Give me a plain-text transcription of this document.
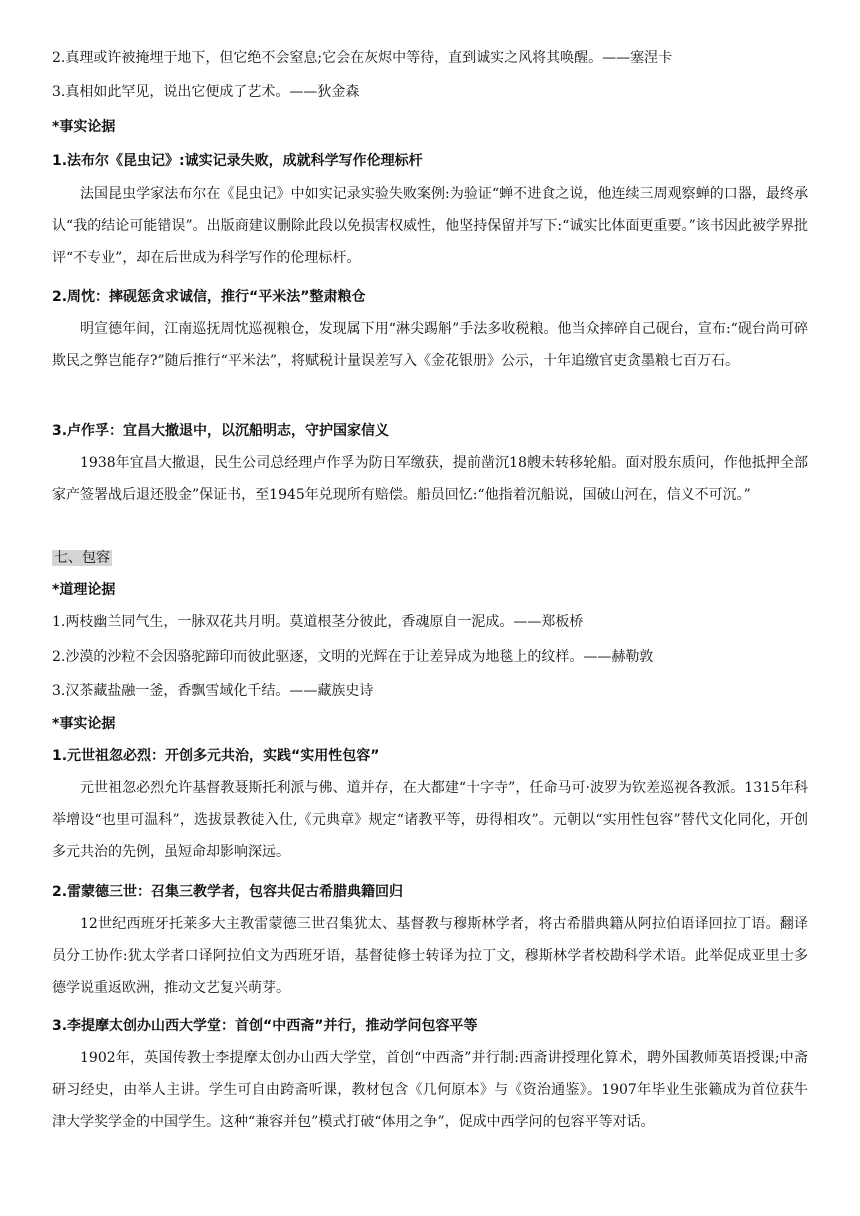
2.真理或许被掩埋于地下，但它绝不会窒息;它会在灰烬中等待，直到诚实之风将其唤醒。——塞涅卡
3.真相如此罕见，说出它便成了艺术。——狄金森
*事实论据
1.法布尔《昆虫记》:诚实记录失败，成就科学写作伦理标杆
法国昆虫学家法布尔在《昆虫记》中如实记录实验失败案例:为验证“蝉不进食之说，他连续三周观察蝉的口器，最终承认“我的结论可能错误”。出版商建议删除此段以免损害权威性，他坚持保留并写下:“诚实比体面更重要。”该书因此被学界批评“不专业”，却在后世成为科学写作的伦理标杆。
2.周忱：摔砚惩贪求诚信，推行“平米法”整肃粮仓
明宣德年间，江南巡抚周忱巡视粮仓，发现属下用“淋尖踢斛”手法多收税粮。他当众摔碎自己砚台，宣布:“砚台尚可碎欺民之弊岂能存?”随后推行“平米法”，将赋税计量误差写入《金花银册》公示，十年追缴官吏贪墨粮七百万石。
3.卢作孚：宜昌大撤退中，以沉船明志，守护国家信义
1938年宜昌大撤退，民生公司总经理卢作孚为防日军缴获，提前凿沉18艘未转移轮船。面对股东质问，作他抵押全部家产签署战后退还股金”保证书，至1945年兑现所有赔偿。船员回忆:“他指着沉船说，国破山河在，信义不可沉。”
七、包容
*道理论据
1.两枝幽兰同气生，一脉双花共月明。莫道根茎分彼此，香魂原自一泥成。——郑板桥
2.沙漠的沙粒不会因骆驼蹄印而彼此驱逐，文明的光辉在于让差异成为地毯上的纹样。——赫勒敦
3.汉茶藏盐融一釜，香飘雪域化千结。——藏族史诗
*事实论据
1.元世祖忽必烈：开创多元共治，实践“实用性包容”
元世祖忽必烈允许基督教聂斯托利派与佛、道并存，在大都建“十字寺”，任命马可·波罗为钦差巡视各教派。1315年科举增设“也里可温科”，选拔景教徒入仕,《元典章》规定“诸教平等，毋得相攻”。元朝以“实用性包容”替代文化同化，开创多元共治的先例，虽短命却影响深远。
2.雷蒙德三世：召集三教学者，包容共促古希腊典籍回归
12世纪西班牙托莱多大主教雷蒙德三世召集犹太、基督教与穆斯林学者，将古希腊典籍从阿拉伯语译回拉丁语。翻译员分工协作:犹太学者口译阿拉伯文为西班牙语，基督徒修士转译为拉丁文，穆斯林学者校勘科学术语。此举促成亚里士多德学说重返欧洲，推动文艺复兴萌芽。
3.李提摩太创办山西大学堂：首创“中西斋”并行，推动学问包容平等
1902年，英国传教士李提摩太创办山西大学堂，首创“中西斋”并行制:西斋讲授理化算术，聘外国教师英语授课;中斋研习经史，由举人主讲。学生可自由跨斋听课，教材包含《几何原本》与《资治通鉴》。1907年毕业生张籁成为首位获牛津大学奖学金的中国学生。这种“兼容并包”模式打破“体用之争”，促成中西学问的包容平等对话。
